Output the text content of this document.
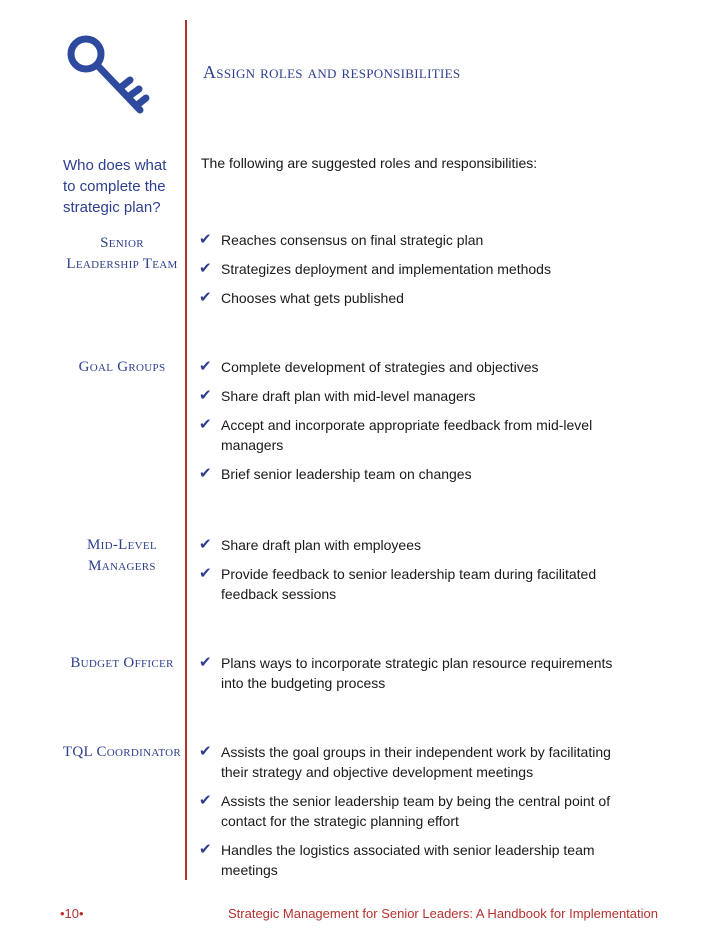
Assign roles and responsibilities
Who does what to complete the strategic plan?
The following are suggested roles and responsibilities:
Senior Leadership Team
✔ Reaches consensus on final strategic plan
✔ Strategizes deployment and implementation methods
✔ Chooses what gets published
Goal Groups	✔ Complete development of strategies and objectives
✔ Share draft plan with mid-level managers
✔ Accept and incorporate appropriate feedback from mid-level managers
✔ Brief senior leadership team on changes
Mid-Level Managers
✔ Share draft plan with employees
✔ Provide feedback to senior leadership team during facilitated feedback sessions
Budget Officer	✔ Plans ways to incorporate strategic plan resource requirements into the budgeting process
TQL Coordinator ✔ Assists the goal groups in their independent work by facilitating their strategy and objective development meetings
✔ Assists the senior leadership team by being the central point of contact for the strategic planning effort
✔ Handles the logistics associated with senior leadership team meetings
•10•	Strategic Management for Senior Leaders: A Handbook for Implementation
